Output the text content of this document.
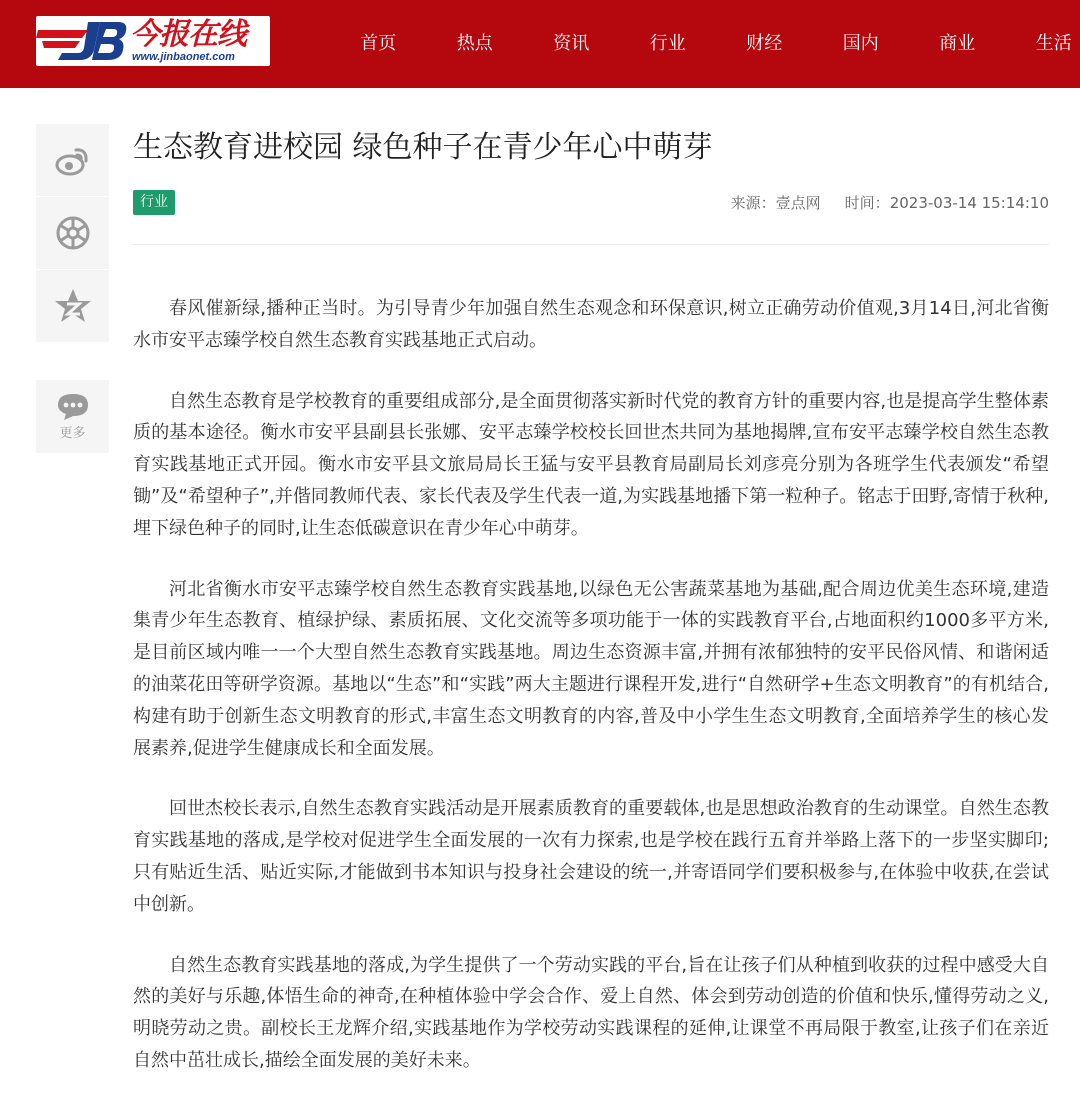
今报在线
www.jinbaonet.com
首页	热点	资讯	行业	财经	国内	商业	生活
更多
生态教育进校园 绿色种子在青少年心中萌芽
行业	来源：壹点网 时间：2023-03-14 15:14:10

春风催新绿,播种正当时。为引导青少年加强自然生态观念和环保意识,树立正确劳动价值观,3月14日,河北省衡水市安平志臻学校自然生态教育实践基地正式启动。

自然生态教育是学校教育的重要组成部分,是全面贯彻落实新时代党的教育方针的重要内容,也是提高学生整体素质的基本途径。衡水市安平县副县长张娜、安平志臻学校校长回世杰共同为基地揭牌,宣布安平志臻学校自然生态教育实践基地正式开园。衡水市安平县文旅局局长王猛与安平县教育局副局长刘彦亮分别为各班学生代表颁发“希望锄”及“希望种子”,并偕同教师代表、家长代表及学生代表一道,为实践基地播下第一粒种子。铭志于田野,寄情于秋种,埋下绿色种子的同时,让生态低碳意识在青少年心中萌芽。

河北省衡水市安平志臻学校自然生态教育实践基地,以绿色无公害蔬菜基地为基础,配合周边优美生态环境,建造集青少年生态教育、植绿护绿、素质拓展、文化交流等多项功能于一体的实践教育平台,占地面积约1000多平方米,是目前区域内唯一一个大型自然生态教育实践基地。周边生态资源丰富,并拥有浓郁独特的安平民俗风情、和谐闲适的油菜花田等研学资源。基地以“生态”和“实践”两大主题进行课程开发,进行“自然研学+生态文明教育”的有机结合,构建有助于创新生态文明教育的形式,丰富生态文明教育的内容,普及中小学生生态文明教育,全面培养学生的核心发展素养,促进学生健康成长和全面发展。

回世杰校长表示,自然生态教育实践活动是开展素质教育的重要载体,也是思想政治教育的生动课堂。自然生态教育实践基地的落成,是学校对促进学生全面发展的一次有力探索,也是学校在践行五育并举路上落下的一步坚实脚印;只有贴近生活、贴近实际,才能做到书本知识与投身社会建设的统一,并寄语同学们要积极参与,在体验中收获,在尝试中创新。

自然生态教育实践基地的落成,为学生提供了一个劳动实践的平台,旨在让孩子们从种植到收获的过程中感受大自然的美好与乐趣,体悟生命的神奇,在种植体验中学会合作、爱上自然、体会到劳动创造的价值和快乐,懂得劳动之义,明晓劳动之贵。副校长王龙辉介绍,实践基地作为学校劳动实践课程的延伸,让课堂不再局限于教室,让孩子们在亲近自然中茁壮成长,描绘全面发展的美好未来。
